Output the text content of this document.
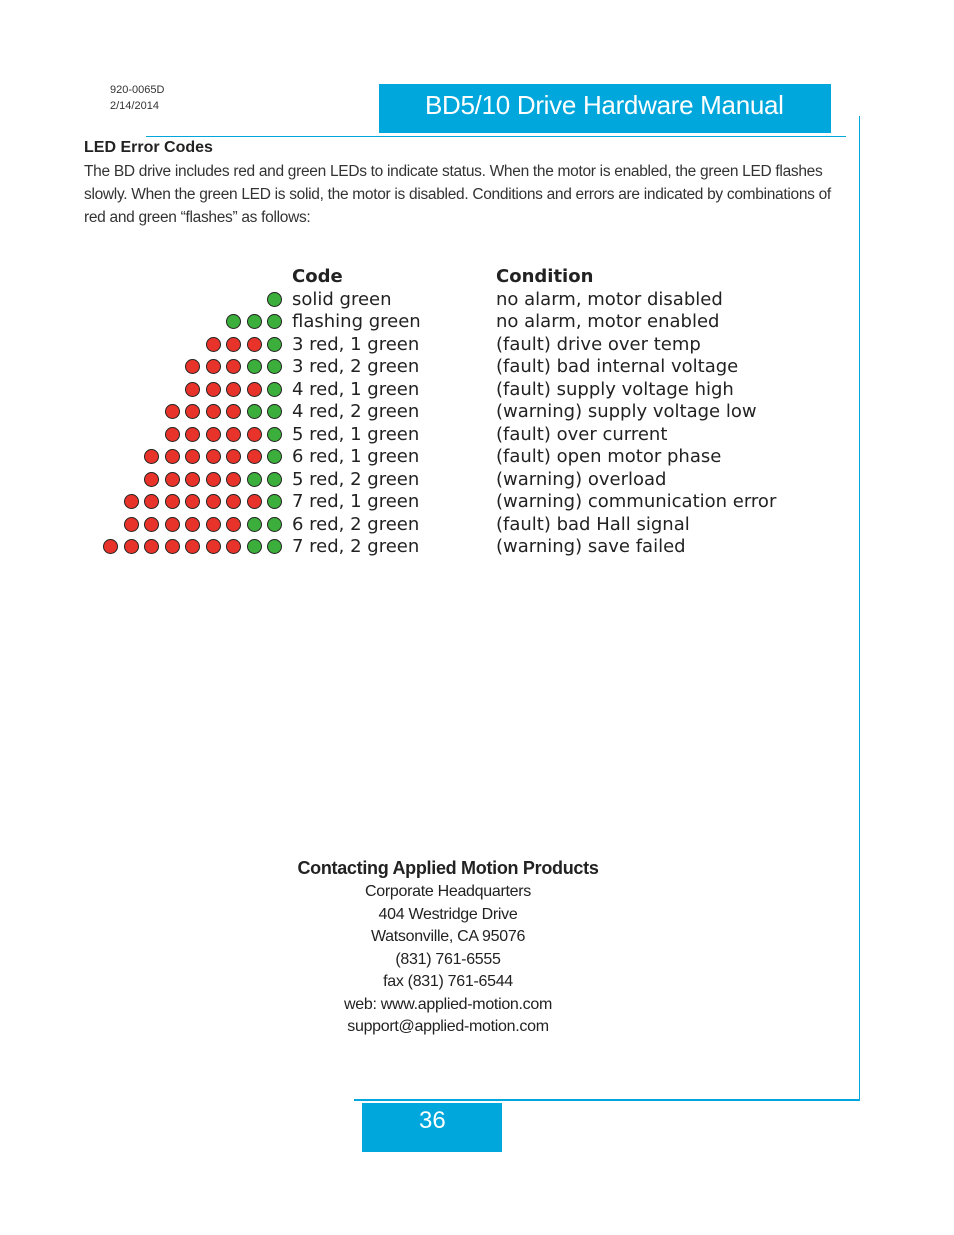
920-0065D
2/14/2014	BD5/10 Drive Hardware Manual
LED Error Codes
The BD drive includes red and green LEDs to indicate status. When the motor is enabled, the green LED flashes slowly. When the green LED is solid, the motor is disabled. Conditions and errors are indicated by combinations of red and green “flashes” as follows:
Code	Condition
solid green	no alarm, motor disabled
flashing green	no alarm, motor enabled
3 red, 1 green	(fault) drive over temp
3 red, 2 green	(fault) bad internal voltage
4 red, 1 green	(fault) supply voltage high
4 red, 2 green	(warning) supply voltage low
5 red, 1 green	(fault) over current
6 red, 1 green	(fault) open motor phase
5 red, 2 green	(warning) overload
7 red, 1 green	(warning) communication error
6 red, 2 green	(fault) bad Hall signal
7 red, 2 green	(warning) save failed
Contacting Applied Motion Products
Corporate Headquarters
404 Westridge Drive
Watsonville, CA 95076
(831) 761-6555
fax (831) 761-6544
web: www.applied-motion.com
support@applied-motion.com
36
